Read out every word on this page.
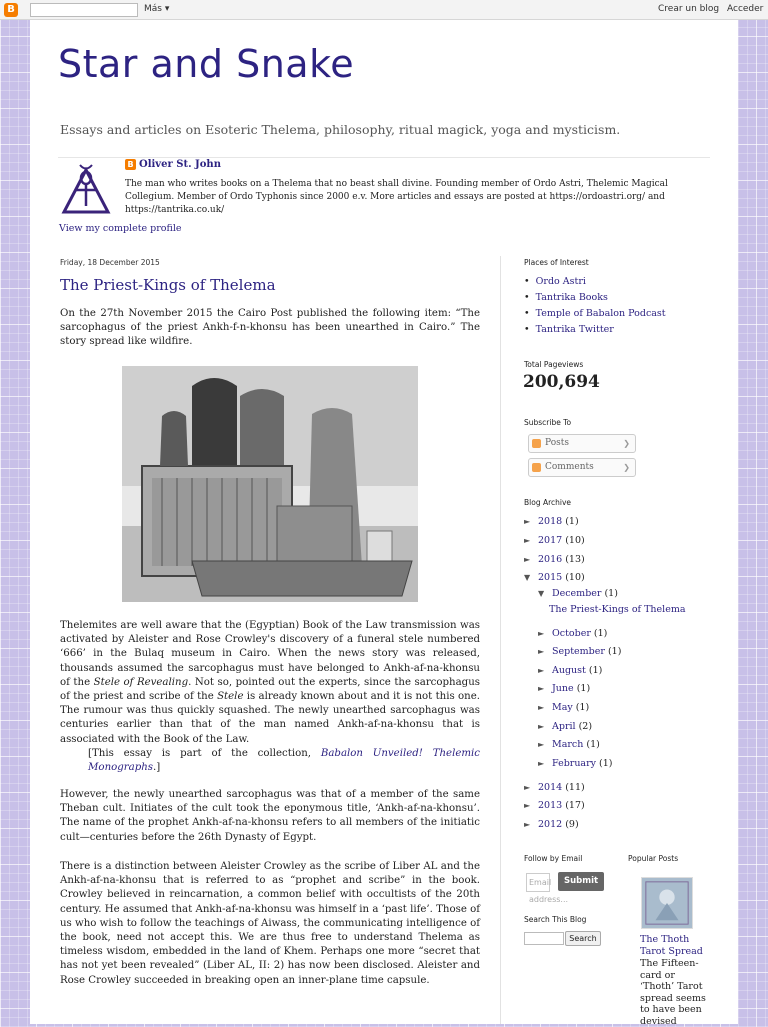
B	Más ▾	Crear un blog Acceder
Star and Snake
Essays and articles on Esoteric Thelema, philosophy, ritual magick, yoga and mysticism.
B Oliver St. John
The man who writes books on a Thelema that no beast shall divine. Founding member of Ordo Astri, Thelemic Magical Collegium. Member of Ordo Typhonis since 2000 e.v. More articles and essays are posted at https://ordoastri.org/ and https://tantrika.co.uk/
View my complete profile
Friday, 18 December 2015
The Priest-Kings of Thelema
On the 27th November 2015 the Cairo Post published the following item: “The sarcophagus of the priest Ankh-f-n-khonsu has been unearthed in Cairo.” The story spread like wildfire.
Thelemites are well aware that the (Egyptian) Book of the Law transmission was activated by Aleister and Rose Crowley's discovery of a funeral stele numbered ‘666’ in the Bulaq museum in Cairo. When the news story was released, thousands assumed the sarcophagus must have belonged to Ankh-af-na-khonsu of the Stele of Revealing. Not so, pointed out the experts, since the sarcophagus of the priest and scribe of the Stele is already known about and it is not this one. The rumour was thus quickly squashed. The newly unearthed sarcophagus was centuries earlier than that of the man named Ankh-af-na-khonsu that is associated with the Book of the Law.
[This essay is part of the collection, Babalon Unveiled! Thelemic Monographs.]
However, the newly unearthed sarcophagus was that of a member of the same Theban cult. Initiates of the cult took the eponymous title, ‘Ankh-af-na-khonsu’. The name of the prophet Ankh-af-na-khonsu refers to all members of the initiatic cult—centuries before the 26th Dynasty of Egypt.
There is a distinction between Aleister Crowley as the scribe of Liber AL and the Ankh-af-na-khonsu that is referred to as “prophet and scribe” in the book. Crowley believed in reincarnation, a common belief with occultists of the 20th century. He assumed that Ankh-af-na-khonsu was himself in a ‘past life’. Those of us who wish to follow the teachings of Aiwass, the communicating intelligence of the book, need not accept this. We are thus free to understand Thelema as timeless wisdom, embedded in the land of Khem. Perhaps one more “secret that has not yet been revealed” (Liber AL, II: 2) has now been disclosed. Aleister and Rose Crowley succeeded in breaking open an inner-plane time capsule.
Places of Interest
• Ordo Astri
• Tantrika Books
• Temple of Babalon Podcast
• Tantrika Twitter
Total Pageviews
200,694
Subscribe To
Posts	❯
Comments	❯
Blog Archive
► 2018 (1)
► 2017 (10)
► 2016 (13)
▼ 2015 (10)
▼ December (1)
The Priest-Kings of Thelema
► October (1)
► September (1)
► August (1)
► June (1)
► May (1)
► April (2)
► March (1)
► February (1)
► 2014 (11)
► 2013 (17)
► 2012 (9)
Follow by Email
Email address...
Submit
Search This Blog
Search
Popular Posts
The Thoth Tarot Spread
The Fifteen-card or ‘Thoth’ Tarot spread seems to have been devised
